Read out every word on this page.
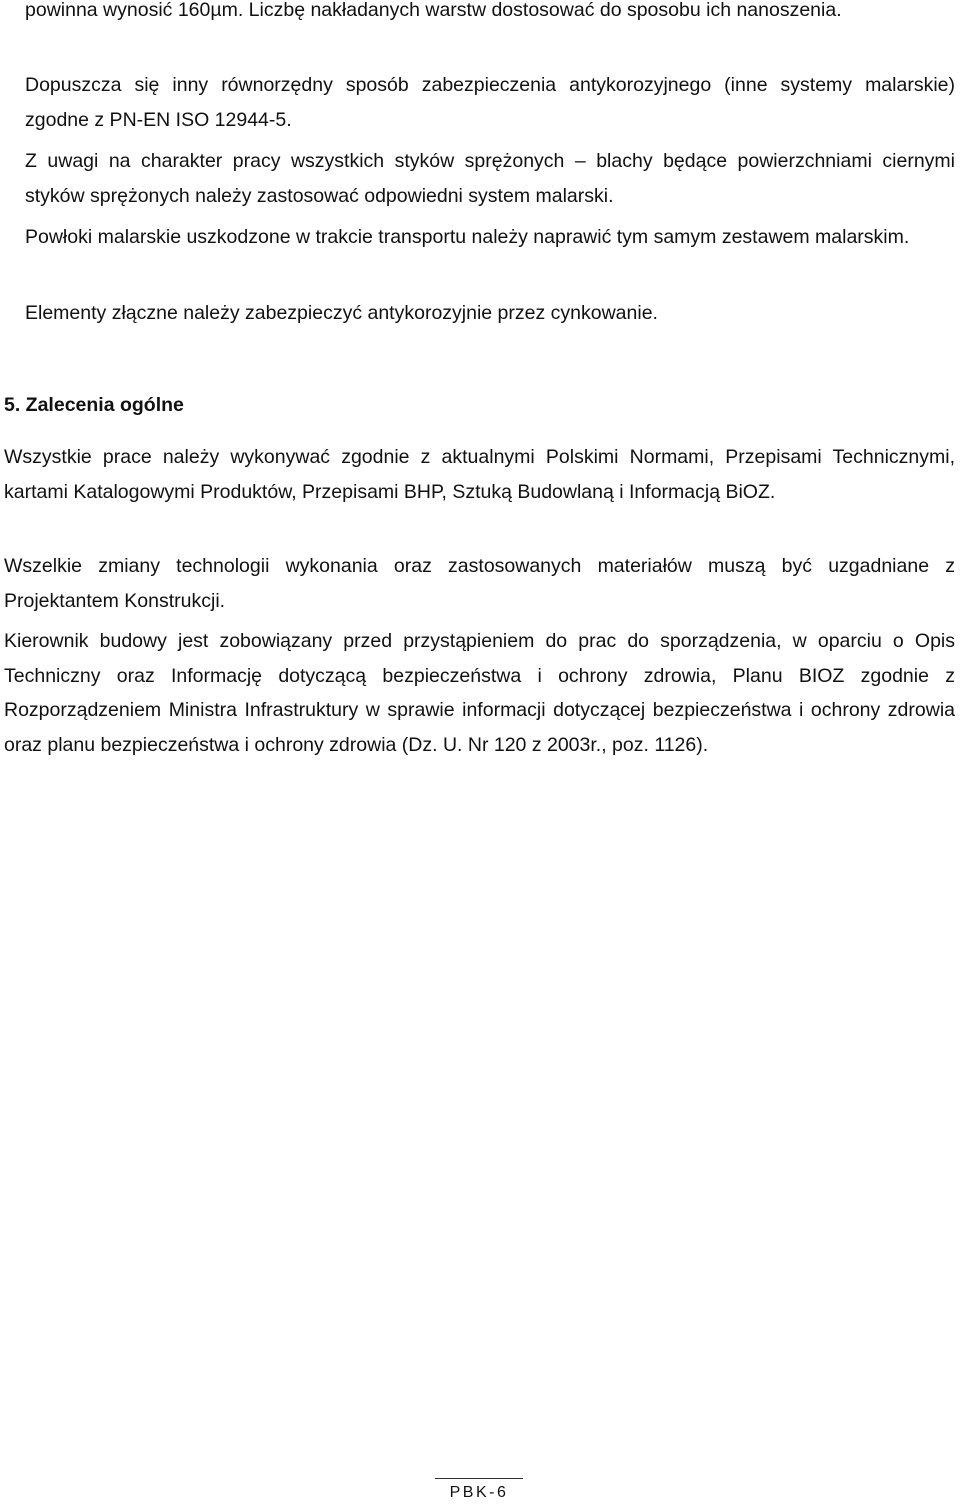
powinna wynosić 160µm. Liczbę nakładanych warstw dostosować do sposobu ich nanoszenia.

Dopuszcza się inny równorzędny sposób zabezpieczenia antykorozyjnego (inne systemy malarskie) zgodne z PN-EN ISO 12944-5.

Z uwagi na charakter pracy wszystkich styków sprężonych – blachy będące powierzchniami ciernymi styków sprężonych należy zastosować odpowiedni system malarski.

Powłoki malarskie uszkodzone w trakcie transportu należy naprawić tym samym zestawem malarskim.

Elementy złączne należy zabezpieczyć antykorozyjnie przez cynkowanie.

5. Zalecenia ogólne

Wszystkie prace należy wykonywać zgodnie z aktualnymi Polskimi Normami, Przepisami Technicznymi, kartami Katalogowymi Produktów, Przepisami BHP, Sztuką Budowlaną i Informacją BiOZ.

Wszelkie zmiany technologii wykonania oraz zastosowanych materiałów muszą być uzgadniane z Projektantem Konstrukcji.

Kierownik budowy jest zobowiązany przed przystąpieniem do prac do sporządzenia, w oparciu o Opis Techniczny oraz Informację dotyczącą bezpieczeństwa i ochrony zdrowia, Planu BIOZ zgodnie z Rozporządzeniem Ministra Infrastruktury w sprawie informacji dotyczącej bezpieczeństwa i ochrony zdrowia oraz planu bezpieczeństwa i ochrony zdrowia (Dz. U. Nr 120 z 2003r., poz. 1126).

PBK-6
